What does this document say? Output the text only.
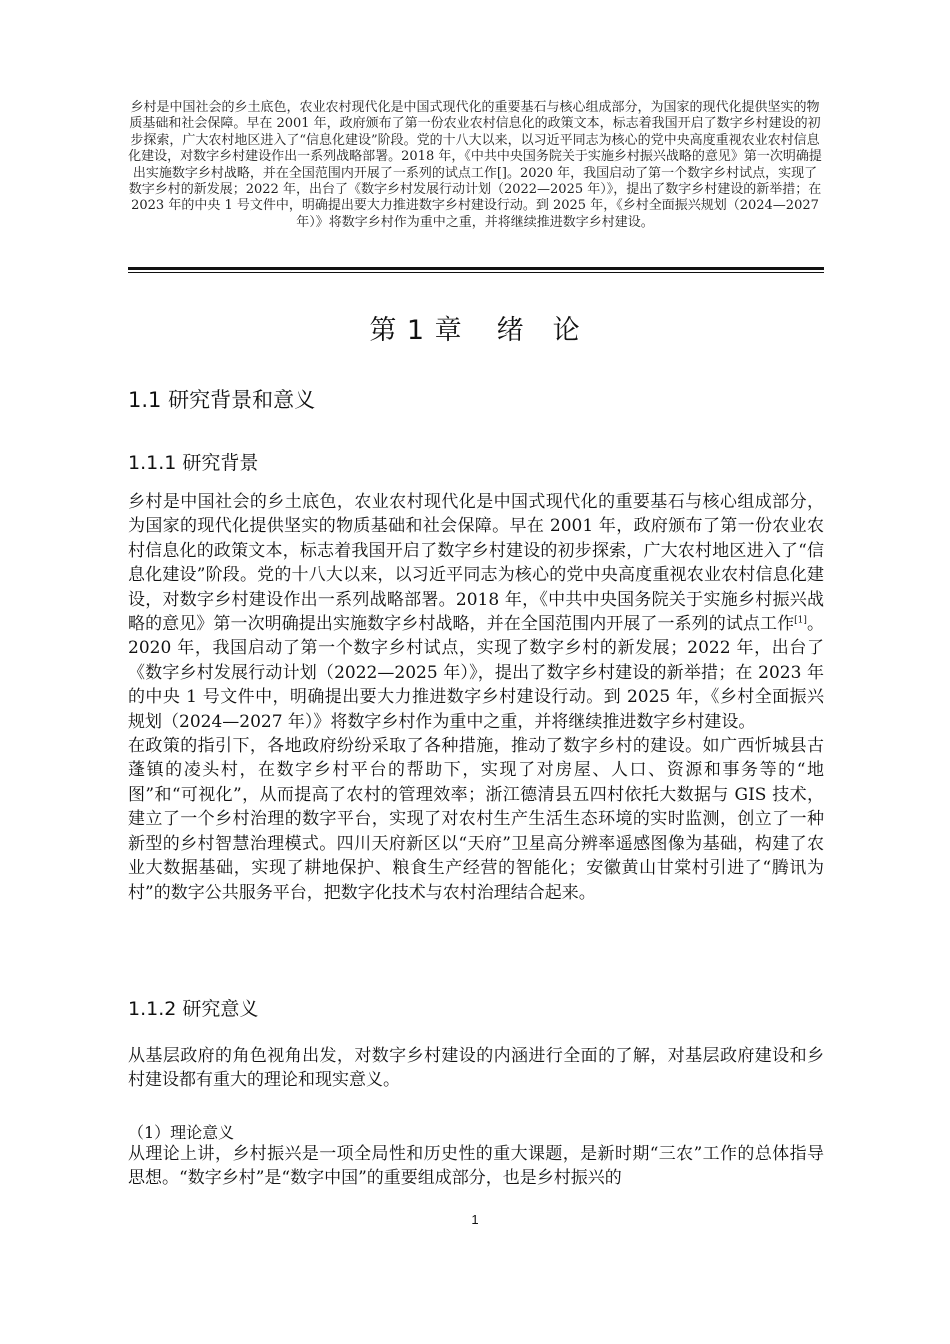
乡村是中国社会的乡土底色，农业农村现代化是中国式现代化的重要基石与核心组成部分，为国家的现代化提供坚实的物质基础和社会保障。早在 2001 年，政府颁布了第一份农业农村信息化的政策文本，标志着我国开启了数字乡村建设的初步探索，广大农村地区进入了“信息化建设”阶段。党的十八大以来，以习近平同志为核心的党中央高度重视农业农村信息化建设，对数字乡村建设作出一系列战略部署。2018 年，《中共中央国务院关于实施乡村振兴战略的意见》第一次明确提出实施数字乡村战略，并在全国范围内开展了一系列的试点工作[]。2020 年，我国启动了第一个数字乡村试点，实现了数字乡村的新发展；2022 年，出台了《数字乡村发展行动计划（2022—2025 年）》，提出了数字乡村建设的新举措；在 2023 年的中央 1 号文件中，明确提出要大力推进数字乡村建设行动。到 2025 年，《乡村全面振兴规划（2024—2027 年）》将数字乡村作为重中之重，并将继续推进数字乡村建设。
第 1 章 绪　论
1.1 研究背景和意义
1.1.1 研究背景

乡村是中国社会的乡土底色，农业农村现代化是中国式现代化的重要基石与核心组成部分，为国家的现代化提供坚实的物质基础和社会保障。早在 2001 年，政府颁布了第一份农业农村信息化的政策文本，标志着我国开启了数字乡村建设的初步探索，广大农村地区进入了“信息化建设”阶段。党的十八大以来，以习近平同志为核心的党中央高度重视农业农村信息化建设，对数字乡村建设作出一系列战略部署。2018 年，《中共中央国务院关于实施乡村振兴战略的意见》第一次明确提出实施数字乡村战略，并在全国范围内开展了一系列的试点工作[1]。2020 年，我国启动了第一个数字乡村试点，实现了数字乡村的新发展；2022 年，出台了《数字乡村发展行动计划（2022—2025 年）》，提出了数字乡村建设的新举措；在 2023 年的中央 1 号文件中，明确提出要大力推进数字乡村建设行动。到 2025 年，《乡村全面振兴规划（2024—2027 年）》将数字乡村作为重中之重，并将继续推进数字乡村建设。

在政策的指引下，各地政府纷纷采取了各种措施，推动了数字乡村的建设。如广西忻城县古蓬镇的凌头村，在数字乡村平台的帮助下，实现了对房屋、人口、资源和事务等的“地图”和“可视化”，从而提高了农村的管理效率；浙江德清县五四村依托大数据与 GIS 技术，建立了一个乡村治理的数字平台，实现了对农村生产生活生态环境的实时监测，创立了一种新型的乡村智慧治理模式。四川天府新区以“天府”卫星高分辨率遥感图像为基础，构建了农业大数据基础，实现了耕地保护、粮食生产经营的智能化；安徽黄山甘棠村引进了“腾讯为村”的数字公共服务平台，把数字化技术与农村治理结合起来。

1.1.2 研究意义
从基层政府的角色视角出发，对数字乡村建设的内涵进行全面的了解，对基层政府建设和乡村建设都有重大的理论和现实意义。
（1）理论意义
从理论上讲，乡村振兴是一项全局性和历史性的重大课题，是新时期“三农”工作的总体指导思想。“数字乡村”是“数字中国”的重要组成部分，也是乡村振兴的
1
